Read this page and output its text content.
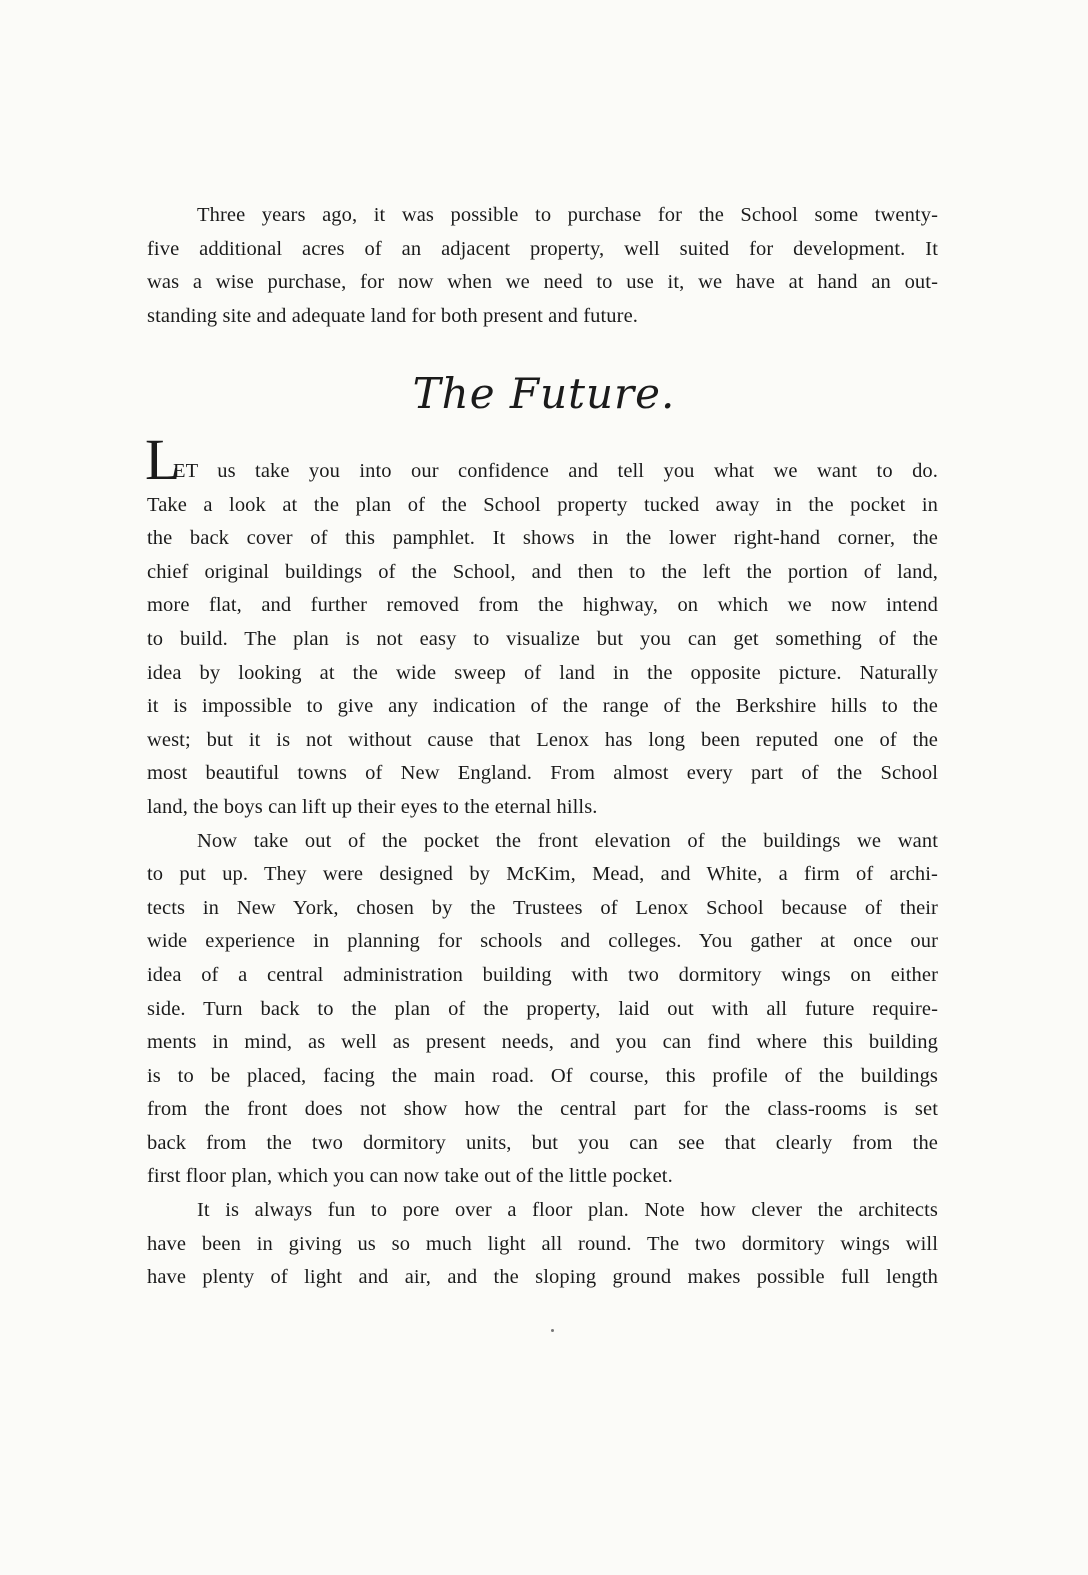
Three years ago, it was possible to purchase for the School some twenty-
five additional acres of an adjacent property, well suited for development. It
was a wise purchase, for now when we need to use it, we have at hand an out-
standing site and adequate land for both present and future.
The Future.
L
ET us take you into our confidence and tell you what we want to do.
Take a look at the plan of the School property tucked away in the pocket in
the back cover of this pamphlet. It shows in the lower right-hand corner, the
chief original buildings of the School, and then to the left the portion of land,
more flat, and further removed from the highway, on which we now intend
to build. The plan is not easy to visualize but you can get something of the
idea by looking at the wide sweep of land in the opposite picture. Naturally
it is impossible to give any indication of the range of the Berkshire hills to the
west; but it is not without cause that Lenox has long been reputed one of the
most beautiful towns of New England. From almost every part of the School
land, the boys can lift up their eyes to the eternal hills.
Now take out of the pocket the front elevation of the buildings we want
to put up. They were designed by McKim, Mead, and White, a firm of archi-
tects in New York, chosen by the Trustees of Lenox School because of their
wide experience in planning for schools and colleges. You gather at once our
idea of a central administration building with two dormitory wings on either
side. Turn back to the plan of the property, laid out with all future require-
ments in mind, as well as present needs, and you can find where this building
is to be placed, facing the main road. Of course, this profile of the buildings
from the front does not show how the central part for the class-rooms is set
back from the two dormitory units, but you can see that clearly from the
first floor plan, which you can now take out of the little pocket.
It is always fun to pore over a floor plan. Note how clever the architects
have been in giving us so much light all round. The two dormitory wings will
have plenty of light and air, and the sloping ground makes possible full length
